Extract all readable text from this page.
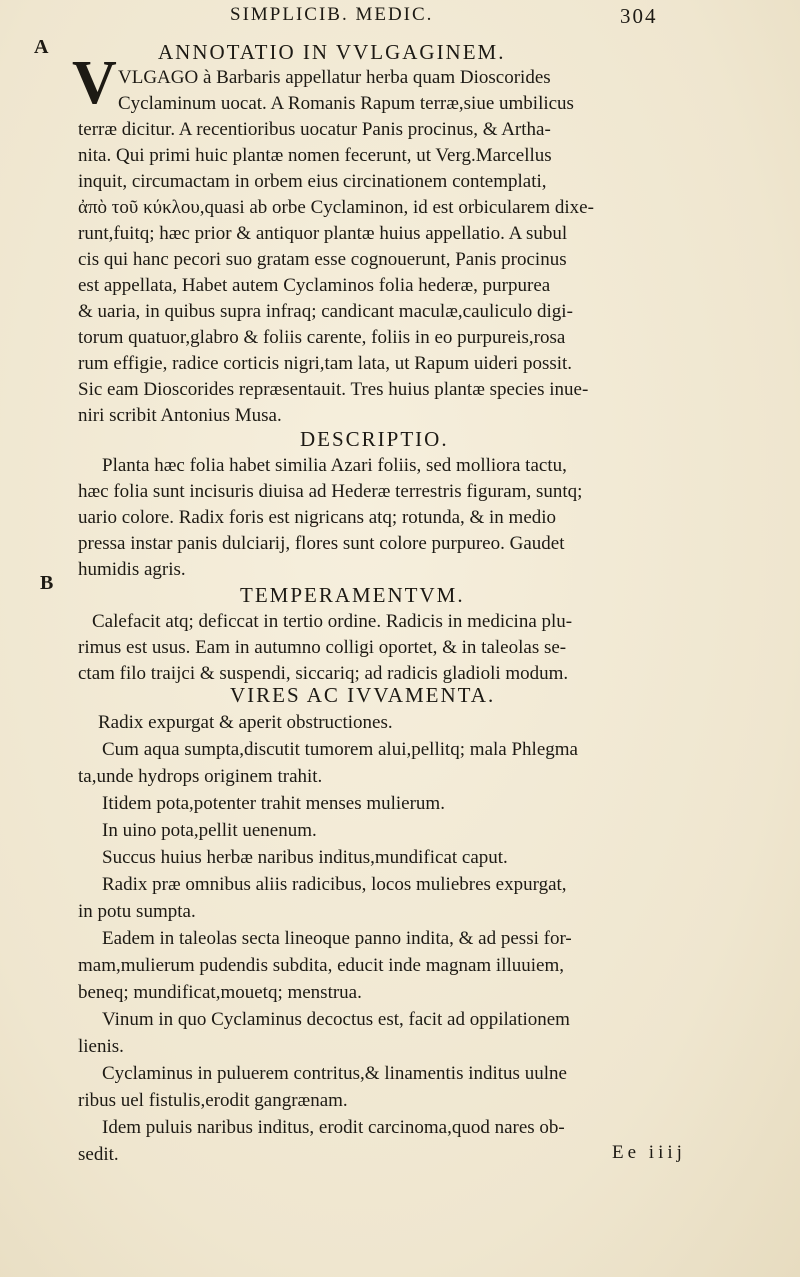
SIMPLICIB. MEDIC.	304
A
B
ANNOTATIO IN VVLGAGINEM.
V VLGAGO à Barbaris appellatur herba quam Dioscorides
Cyclaminum uocat. A Romanis Rapum terræ,siue umbilicus
terræ dicitur. A recentioribus uocatur Panis procinus, & Artha-
nita. Qui primi huic plantæ nomen fecerunt, ut Verg.Marcellus
inquit, circumactam in orbem eius circinationem contemplati,
ἀπὸ τοῦ κύκλου,quasi ab orbe Cyclaminon, id est orbicularem dixe-
runt,fuitq; hæc prior & antiquor plantæ huius appellatio. A subul
cis qui hanc pecori suo gratam esse cognouerunt, Panis procinus
est appellata, Habet autem Cyclaminos folia hederæ, purpurea
& uaria, in quibus supra infraq; candicant maculæ,cauliculo digi-
torum quatuor,glabro & foliis carente, foliis in eo purpureis,rosa
rum effigie, radice corticis nigri,tam lata, ut Rapum uideri possit.
Sic eam Dioscorides repræsentauit. Tres huius plantæ species inue-
niri scribit Antonius Musa.
DESCRIPTIO.
Planta hæc folia habet similia Azari foliis, sed molliora tactu,
hæc folia sunt incisuris diuisa ad Hederæ terrestris figuram, suntq;
uario colore. Radix foris est nigricans atq; rotunda, & in medio
pressa instar panis dulciarij, flores sunt colore purpureo. Gaudet
humidis agris.
TEMPERAMENTVM.
Calefacit atq; deficcat in tertio ordine. Radicis in medicina plu-
rimus est usus. Eam in autumno colligi oportet, & in taleolas se-
ctam filo traijci & suspendi, siccariq; ad radicis gladioli modum.
VIRES AC IVVAMENTA.
Radix expurgat & aperit obstructiones.
Cum aqua sumpta,discutit tumorem alui,pellitq; mala Phlegma
ta,unde hydrops originem trahit.
Itidem pota,potenter trahit menses mulierum.
In uino pota,pellit uenenum.
Succus huius herbæ naribus inditus,mundificat caput.
Radix præ omnibus aliis radicibus, locos muliebres expurgat,
in potu sumpta.
Eadem in taleolas secta lineoque panno indita, & ad pessi for-
mam,mulierum pudendis subdita, educit inde magnam illuuiem,
beneq; mundificat,mouetq; menstrua.
Vinum in quo Cyclaminus decoctus est, facit ad oppilationem
lienis.
Cyclaminus in puluerem contritus,& linamentis inditus uulne
ribus uel fistulis,erodit gangrænam.
Idem puluis naribus inditus, erodit carcinoma,quod nares ob-
sedit.	Ee iiij
